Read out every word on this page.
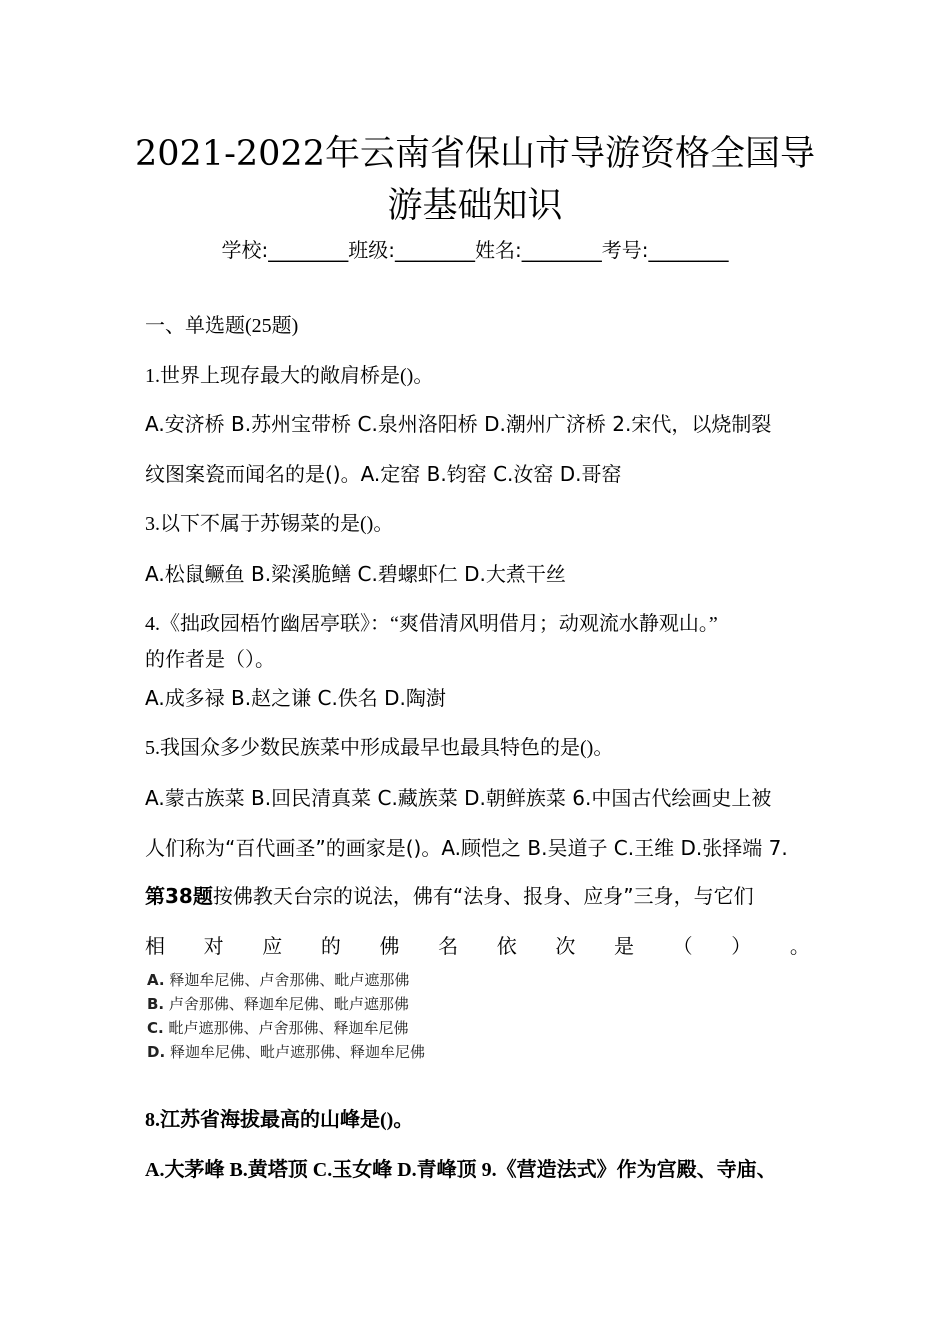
2021-2022年云南省保山市导游资格全国导
游基础知识
学校:________班级:________姓名:________考号:________
一、单选题(25题)
1.世界上现存最大的敞肩桥是()。
A.安济桥 B.苏州宝带桥 C.泉州洛阳桥 D.潮州广济桥 2.宋代，以烧制裂
纹图案瓷而闻名的是()。A.定窑 B.钧窑 C.汝窑 D.哥窑
3.以下不属于苏锡菜的是()。
A.松鼠鳜鱼 B.梁溪脆鳝 C.碧螺虾仁 D.大煮干丝
4.《拙政园梧竹幽居亭联》：“爽借清风明借月；动观流水静观山。”
的作者是（）。
A.成多禄 B.赵之谦 C.佚名 D.陶澍
5.我国众多少数民族菜中形成最早也最具特色的是()。
A.蒙古族菜 B.回民清真菜 C.藏族菜 D.朝鲜族菜 6.中国古代绘画史上被
人们称为“百代画圣”的画家是()。A.顾恺之 B.吴道子 C.王维 D.张择端 7.
第38题按佛教天台宗的说法，佛有“法身、报身、应身”三身，与它们
相 对 应 的 佛 名 依 次 是 （ ） 。
A. 释迦牟尼佛、卢舍那佛、毗卢遮那佛
B. 卢舍那佛、释迦牟尼佛、毗卢遮那佛
C. 毗卢遮那佛、卢舍那佛、释迦牟尼佛
D. 释迦牟尼佛、毗卢遮那佛、释迦牟尼佛
8.江苏省海拔最高的山峰是()。
A.大茅峰 B.黄塔顶 C.玉女峰 D.青峰顶 9.《营造法式》作为宫殿、寺庙、
